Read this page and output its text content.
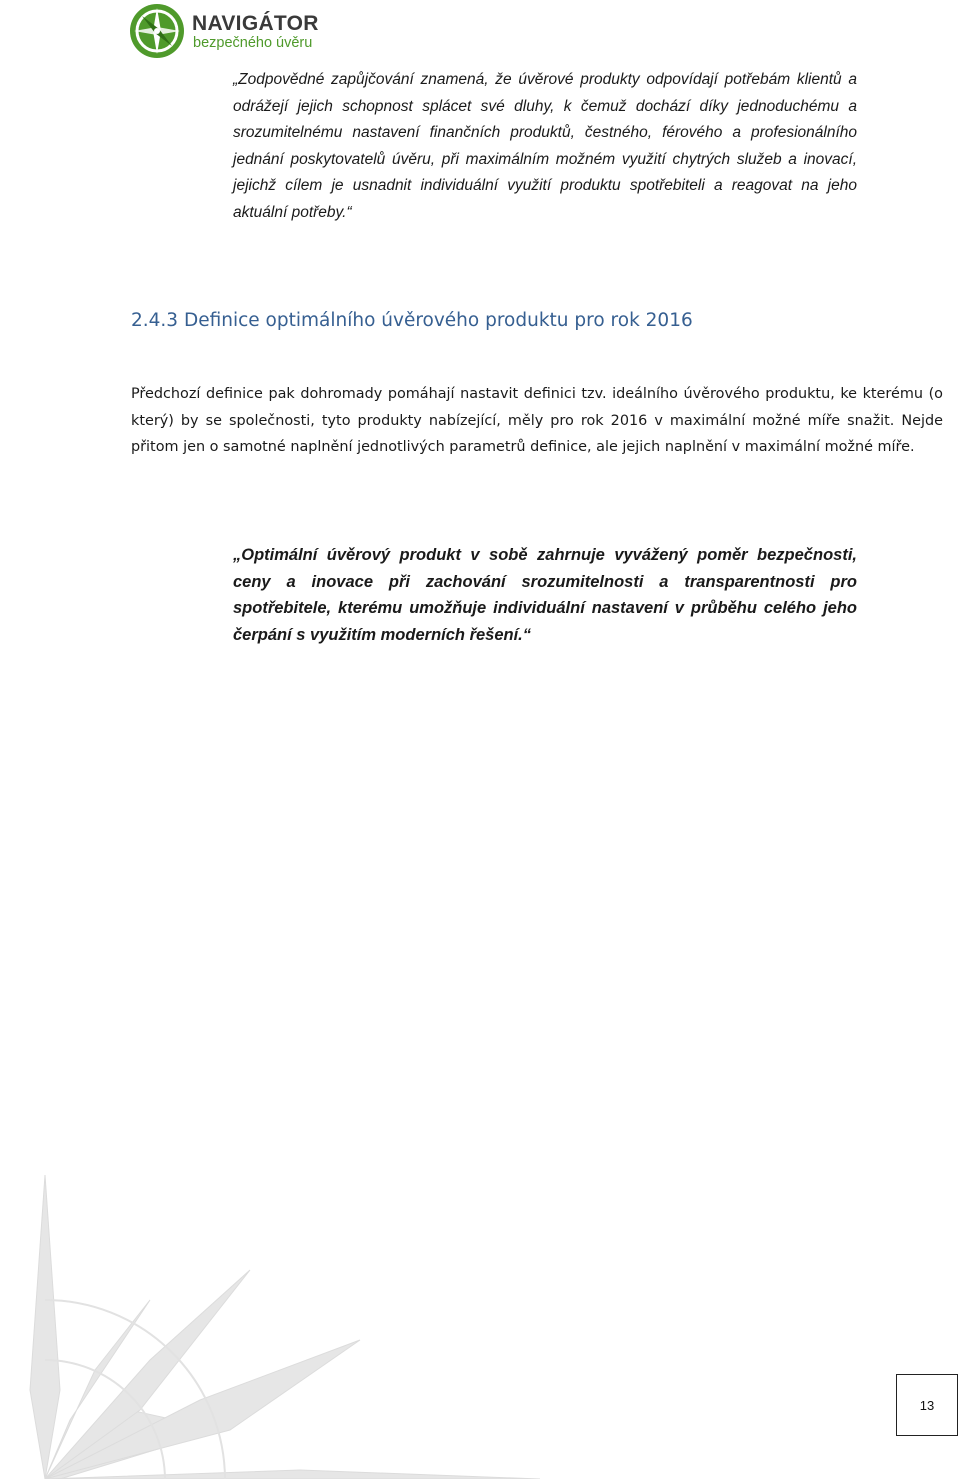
NAVIGÁTOR
bezpečného úvěru

„Zodpovědné zapůjčování znamená, že úvěrové produkty odpovídají potřebám klientů a odrážejí jejich schopnost splácet své dluhy, k čemuž dochází díky jednoduchému a srozumitelnému nastavení finančních produktů, čestného, férového a profesionálního jednání poskytovatelů úvěru, při maximálním možném využití chytrých služeb a inovací, jejichž cílem je usnadnit individuální využití produktu spotřebiteli a reagovat na jeho aktuální potřeby.“

2.4.3 Definice optimálního úvěrového produktu pro rok 2016

Předchozí definice pak dohromady pomáhají nastavit definici tzv. ideálního úvěrového produktu, ke kterému (o který) by se společnosti, tyto produkty nabízející, měly pro rok 2016 v maximální možné míře snažit. Nejde přitom jen o samotné naplnění jednotlivých parametrů definice, ale jejich naplnění v maximální možné míře.

„Optimální úvěrový produkt v sobě zahrnuje vyvážený poměr bezpečnosti, ceny a inovace při zachování srozumitelnosti a transparentnosti pro spotřebitele, kterému umožňuje individuální nastavení v průběhu celého jeho čerpání s využitím moderních řešení.“

13
